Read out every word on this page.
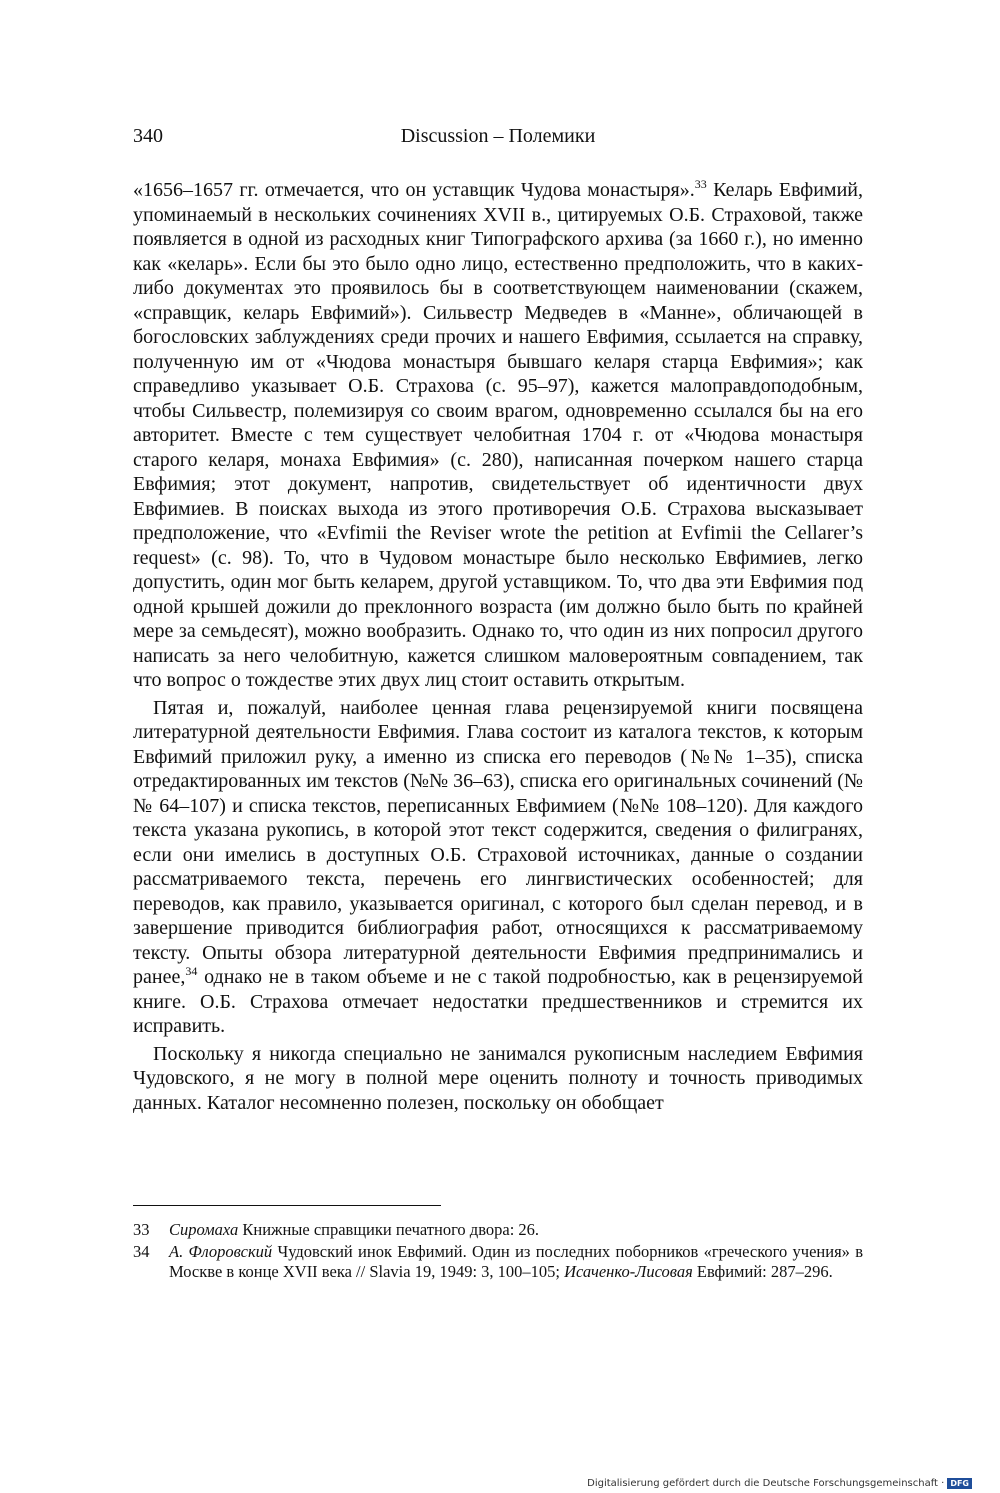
340	Discussion – Полемики

«1656–1657 гг. отмечается, что он уставщик Чудова монастыря».$^{33}$ Келарь Евфимий, упоминаемый в нескольких сочинениях XVII в., цитируемых О.Б. Страховой, также появляется в одной из расходных книг Типографского архива (за 1660 г.), но именно как «келарь». Если бы это было одно лицо, естественно предположить, что в каких-либо документах это проявилось бы в соответствующем наименовании (скажем, «справщик, келарь Евфимий»). Сильвестр Медведев в «Манне», обличающей в богословских заблуждениях среди прочих и нашего Евфимия, ссылается на справку, полученную им от «Чюдова монастыря бывшаго келаря старца Евфимия»; как справедливо указывает О.Б. Страхова (с. 95–97), кажется малоправдоподобным, чтобы Сильвестр, полемизируя со своим врагом, одновременно ссылался бы на его авторитет. Вместе с тем существует челобитная 1704 г. от «Чюдова монастыря старого келаря, монаха Евфимия» (с. 280), написанная почерком нашего старца Евфимия; этот документ, напротив, свидетельствует об идентичности двух Евфимиев. В поисках выхода из этого противоречия О.Б. Страхова высказывает предположение, что «Evfimii the Reviser wrote the petition at Evfimii the Cellarer’s request» (с. 98). То, что в Чудовом монастыре было несколько Евфимиев, легко допустить, один мог быть келарем, другой уставщиком. То, что два эти Евфимия под одной крышей дожили до преклонного возраста (им должно было быть по крайней мере за семьдесят), можно вообразить. Однако то, что один из них попросил другого написать за него челобитную, кажется слишком маловероятным совпадением, так что вопрос о тождестве этих двух лиц стоит оставить открытым.

Пятая и, пожалуй, наиболее ценная глава рецензируемой книги посвящена литературной деятельности Евфимия. Глава состоит из каталога текстов, к которым Евфимий приложил руку, а именно из списка его переводов (№№ 1–35), списка отредактированных им текстов (№№ 36–63), списка его оригинальных сочинений (№№ 64–107) и списка текстов, переписанных Евфимием (№№ 108–120). Для каждого текста указана рукопись, в которой этот текст содержится, сведения о филигранях, если они имелись в доступных О.Б. Страховой источниках, данные о создании рассматриваемого текста, перечень его лингвистических особенностей; для переводов, как правило, указывается оригинал, с которого был сделан перевод, и в завершение приводится библиография работ, относящихся к рассматриваемому тексту. Опыты обзора литературной деятельности Евфимия предпринимались и ранее,$^{34}$ однако не в таком объеме и не с такой подробностью, как в рецензируемой книге. О.Б. Страхова отмечает недостатки предшественников и стремится их исправить.

Поскольку я никогда специально не занимался рукописным наследием Евфимия Чудовского, я не могу в полной мере оценить полноту и точность приводимых данных. Каталог несомненно полезен, поскольку он обобщает

33 Сиромаха Книжные справщики печатного двора: 26.
34 А. Флоровский Чудовский инок Евфимий. Один из последних поборников «греческого учения» в Москве в конце XVII века // Slavia 19, 1949: 3, 100–105; Исаченко-Лисовая Евфимий: 287–296.
Digitalisierung gefördert durch die Deutsche Forschungsgemeinschaft · DFG
